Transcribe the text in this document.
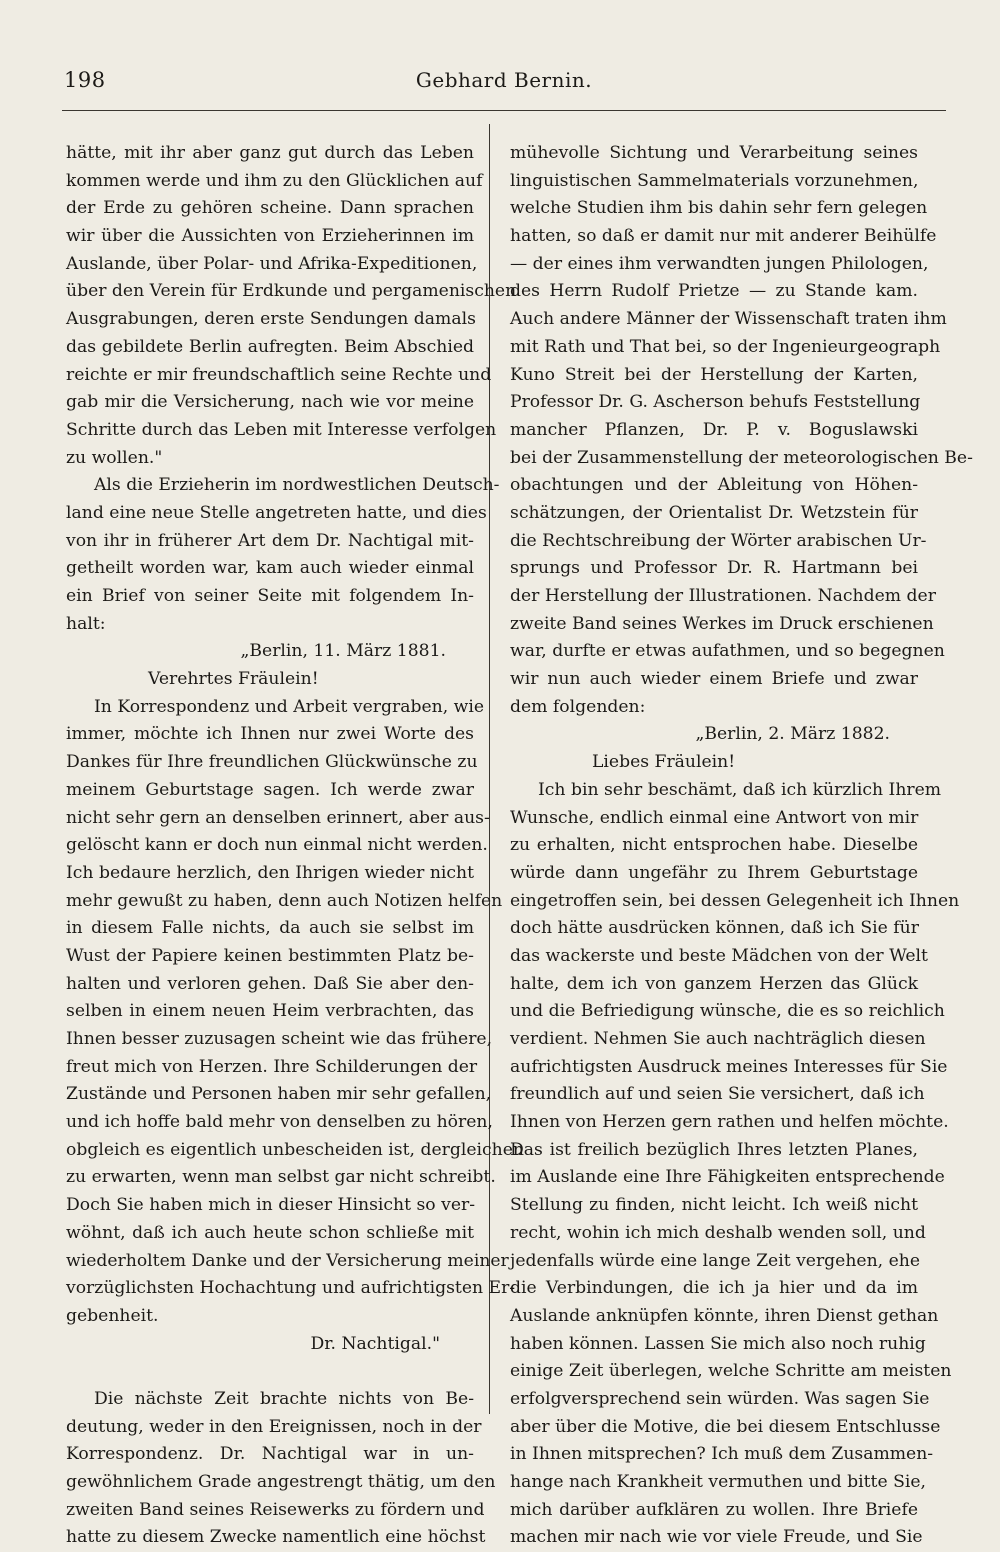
198	Gebhard Bernin.
hätte, mit ihr aber ganz gut durch das Leben
kommen werde und ihm zu den Glücklichen auf
der Erde zu gehören scheine. Dann sprachen
wir über die Aussichten von Erzieherinnen im
Auslande, über Polar- und Afrika-Expeditionen,
über den Verein für Erdkunde und pergamenischen
Ausgrabungen, deren erste Sendungen damals
das gebildete Berlin aufregten. Beim Abschied
reichte er mir freundschaftlich seine Rechte und
gab mir die Versicherung, nach wie vor meine
Schritte durch das Leben mit Interesse verfolgen
zu wollen."
Als die Erzieherin im nordwestlichen Deutsch-
land eine neue Stelle angetreten hatte, und dies
von ihr in früherer Art dem Dr. Nachtigal mit-
getheilt worden war, kam auch wieder einmal
ein Brief von seiner Seite mit folgendem In-
halt:
„Berlin, 11. März 1881.
Verehrtes Fräulein!
In Korrespondenz und Arbeit vergraben, wie
immer, möchte ich Ihnen nur zwei Worte des
Dankes für Ihre freundlichen Glückwünsche zu
meinem Geburtstage sagen. Ich werde zwar
nicht sehr gern an denselben erinnert, aber aus-
gelöscht kann er doch nun einmal nicht werden.
Ich bedaure herzlich, den Ihrigen wieder nicht
mehr gewußt zu haben, denn auch Notizen helfen
in diesem Falle nichts, da auch sie selbst im
Wust der Papiere keinen bestimmten Platz be-
halten und verloren gehen. Daß Sie aber den-
selben in einem neuen Heim verbrachten, das
Ihnen besser zuzusagen scheint wie das frühere,
freut mich von Herzen. Ihre Schilderungen der
Zustände und Personen haben mir sehr gefallen,
und ich hoffe bald mehr von denselben zu hören,
obgleich es eigentlich unbescheiden ist, dergleichen
zu erwarten, wenn man selbst gar nicht schreibt.
Doch Sie haben mich in dieser Hinsicht so ver-
wöhnt, daß ich auch heute schon schließe mit
wiederholtem Danke und der Versicherung meiner
vorzüglichsten Hochachtung und aufrichtigsten Er-
gebenheit.
Dr. Nachtigal."
Die nächste Zeit brachte nichts von Be-
deutung, weder in den Ereignissen, noch in der
Korrespondenz. Dr. Nachtigal war in un-
gewöhnlichem Grade angestrengt thätig, um den
zweiten Band seines Reisewerks zu fördern und
hatte zu diesem Zwecke namentlich eine höchst
mühevolle Sichtung und Verarbeitung seines
linguistischen Sammelmaterials vorzunehmen,
welche Studien ihm bis dahin sehr fern gelegen
hatten, so daß er damit nur mit anderer Beihülfe
— der eines ihm verwandten jungen Philologen,
des Herrn Rudolf Prietze — zu Stande kam.
Auch andere Männer der Wissenschaft traten ihm
mit Rath und That bei, so der Ingenieurgeograph
Kuno Streit bei der Herstellung der Karten,
Professor Dr. G. Ascherson behufs Feststellung
mancher Pflanzen, Dr. P. v. Boguslawski
bei der Zusammenstellung der meteorologischen Be-
obachtungen und der Ableitung von Höhen-
schätzungen, der Orientalist Dr. Wetzstein für
die Rechtschreibung der Wörter arabischen Ur-
sprungs und Professor Dr. R. Hartmann bei
der Herstellung der Illustrationen. Nachdem der
zweite Band seines Werkes im Druck erschienen
war, durfte er etwas aufathmen, und so begegnen
wir nun auch wieder einem Briefe und zwar
dem folgenden:
„Berlin, 2. März 1882.
Liebes Fräulein!
Ich bin sehr beschämt, daß ich kürzlich Ihrem
Wunsche, endlich einmal eine Antwort von mir
zu erhalten, nicht entsprochen habe. Dieselbe
würde dann ungefähr zu Ihrem Geburtstage
eingetroffen sein, bei dessen Gelegenheit ich Ihnen
doch hätte ausdrücken können, daß ich Sie für
das wackerste und beste Mädchen von der Welt
halte, dem ich von ganzem Herzen das Glück
und die Befriedigung wünsche, die es so reichlich
verdient. Nehmen Sie auch nachträglich diesen
aufrichtigsten Ausdruck meines Interesses für Sie
freundlich auf und seien Sie versichert, daß ich
Ihnen von Herzen gern rathen und helfen möchte.
Das ist freilich bezüglich Ihres letzten Planes,
im Auslande eine Ihre Fähigkeiten entsprechende
Stellung zu finden, nicht leicht. Ich weiß nicht
recht, wohin ich mich deshalb wenden soll, und
jedenfalls würde eine lange Zeit vergehen, ehe
die Verbindungen, die ich ja hier und da im
Auslande anknüpfen könnte, ihren Dienst gethan
haben können. Lassen Sie mich also noch ruhig
einige Zeit überlegen, welche Schritte am meisten
erfolgversprechend sein würden. Was sagen Sie
aber über die Motive, die bei diesem Entschlusse
in Ihnen mitsprechen? Ich muß dem Zusammen-
hange nach Krankheit vermuthen und bitte Sie,
mich darüber aufklären zu wollen. Ihre Briefe
machen mir nach wie vor viele Freude, und Sie
